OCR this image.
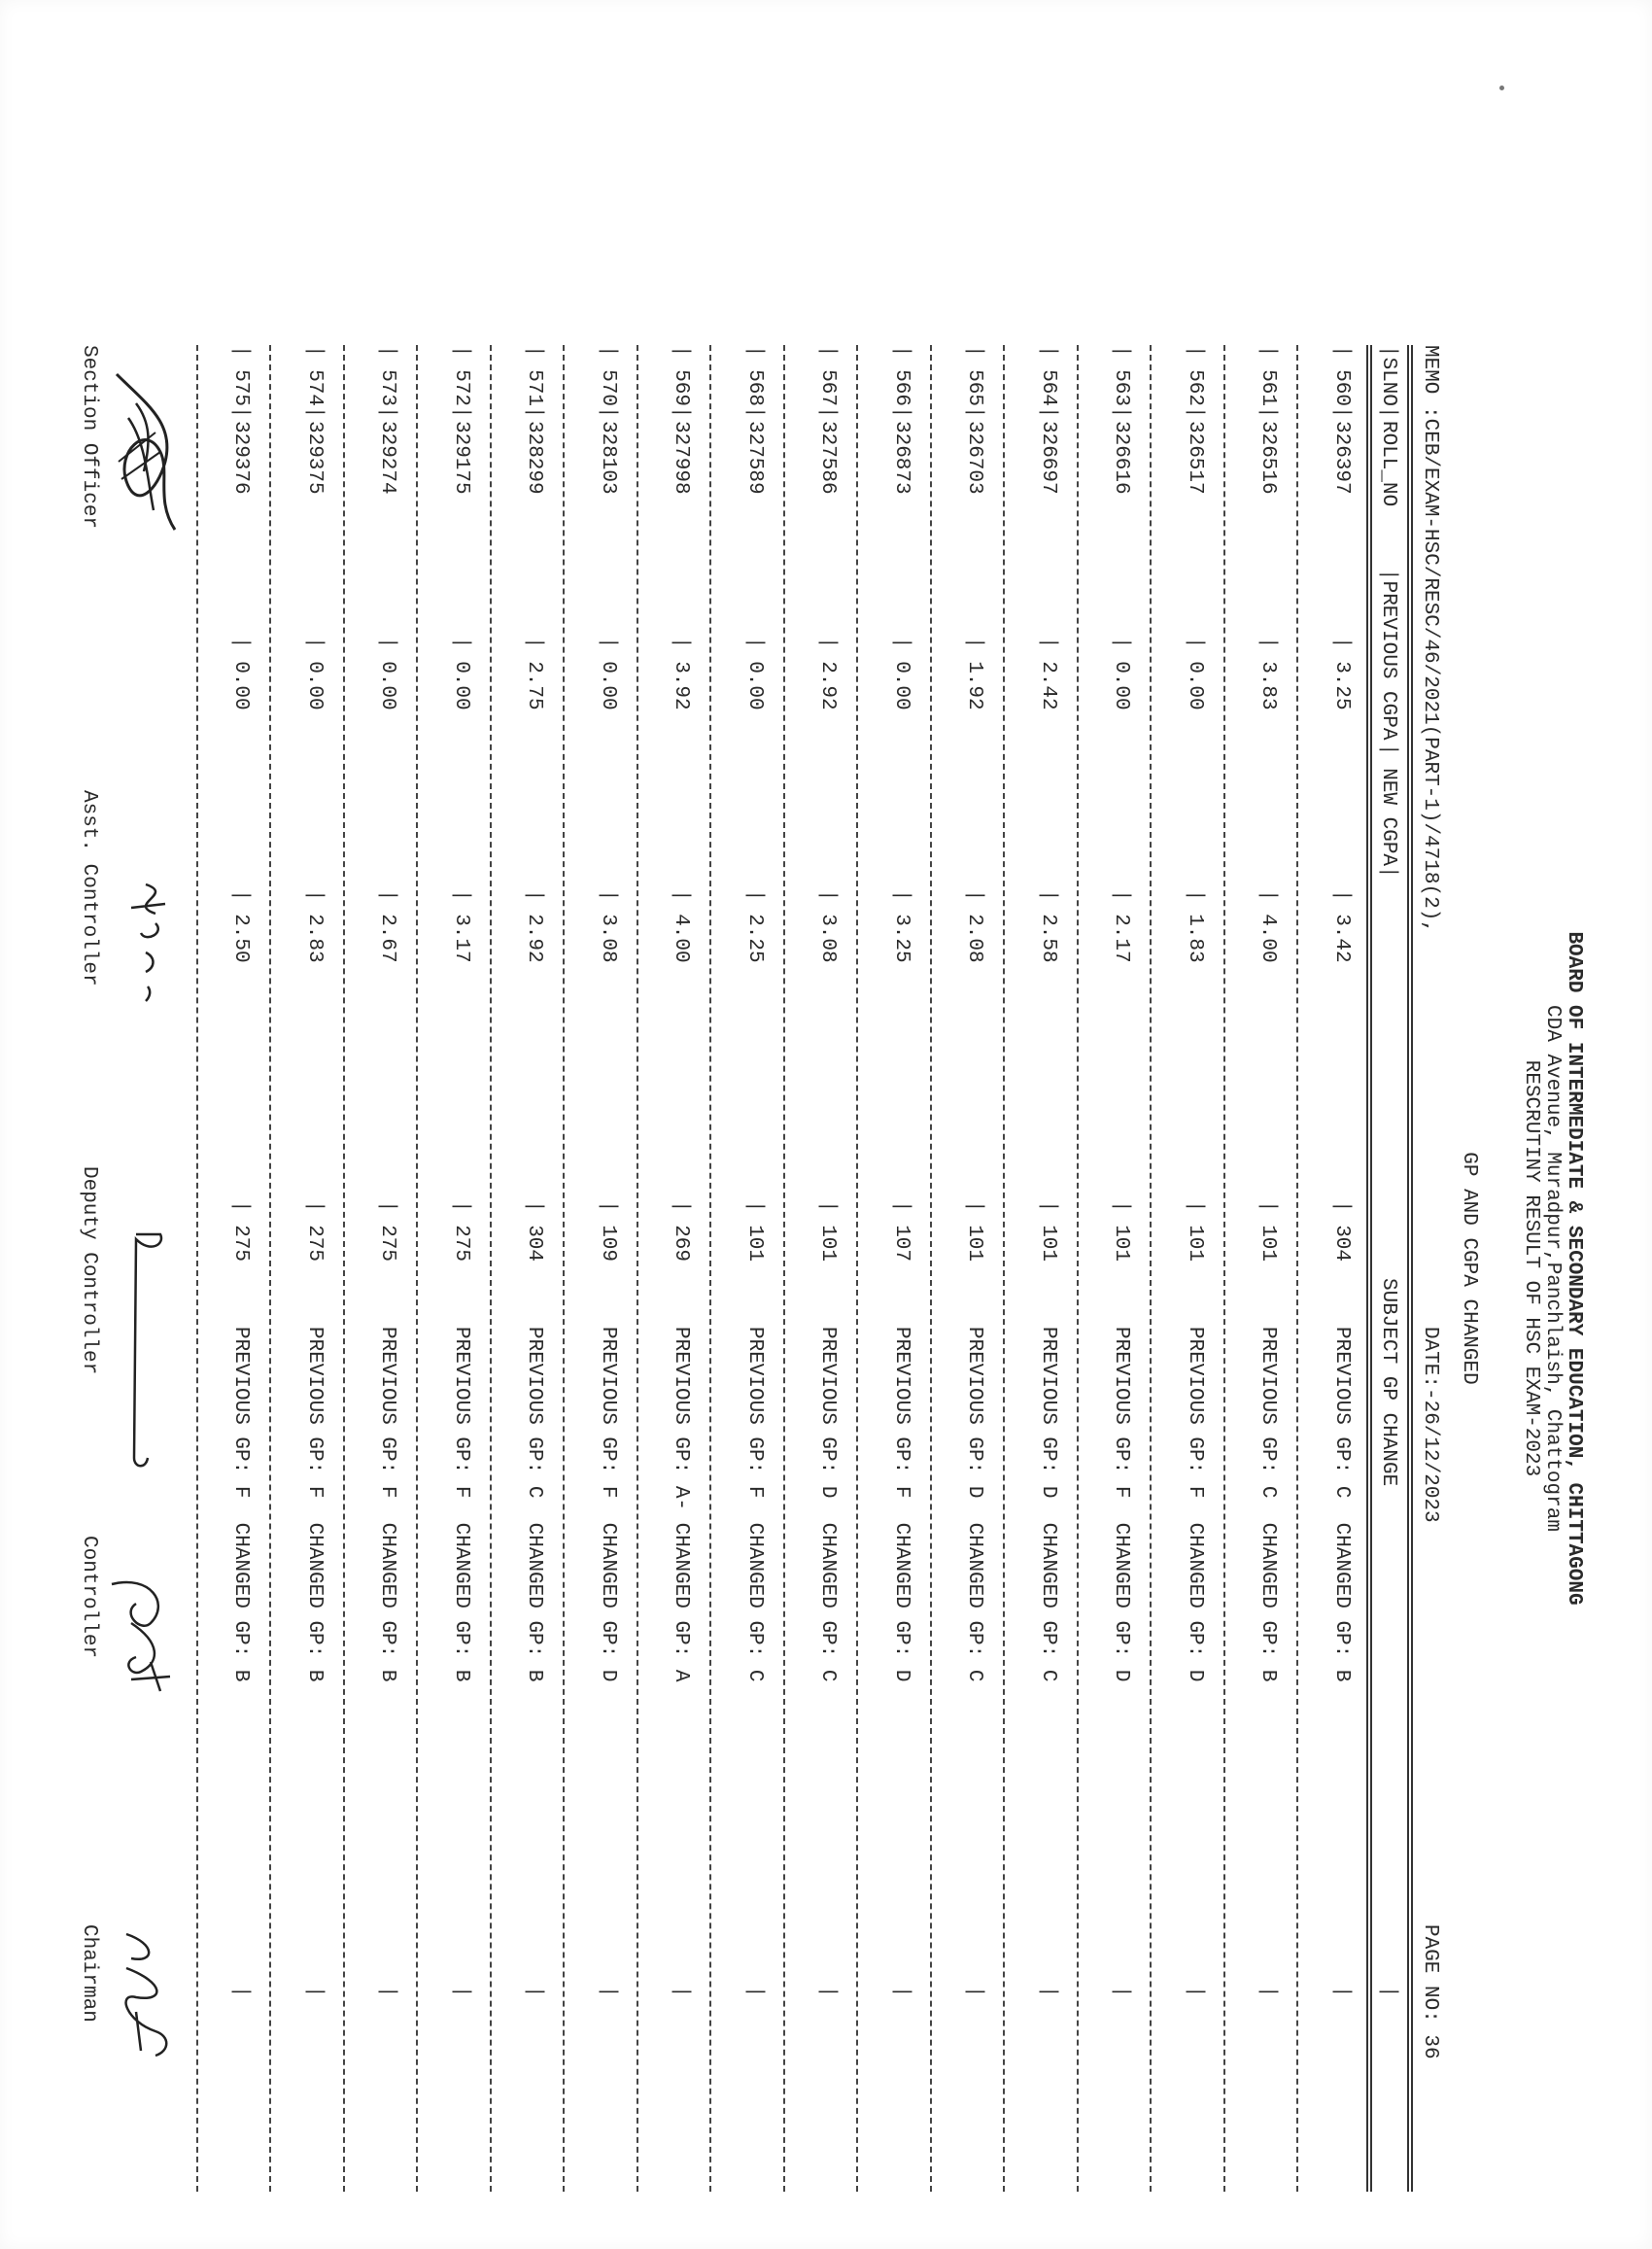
BOARD OF INTERMEDIATE & SECONDARY EDUCATION, CHITTAGONG
CDA Avenue, Muradpur,Panchlaish, Chattogram
RESCRUTINY RESULT OF HSC EXAM-2023
GP AND CGPA CHANGED

MEMO :CEB/EXAM-HSC/RESC/46/2021(PART-1)/4718(2),

DATE:-26/12/2023

PAGE NO: 36

|SLNO|
ROLL_NO
|PREVIOUS CGPA
| NEW CGPA|
SUBJECT GP CHANGE
|
| 560|
326397
| 3.25
| 3.42
| 304
PREVIOUS GP: C  CHANGED GP: B
|
| 561|
326516
| 3.83
| 4.00
| 101
PREVIOUS GP: C  CHANGED GP: B
|
| 562|
326517
| 0.00
| 1.83
| 101
PREVIOUS GP: F  CHANGED GP: D
|
| 563|
326616
| 0.00
| 2.17
| 101
PREVIOUS GP: F  CHANGED GP: D
|
| 564|
326697
| 2.42
| 2.58
| 101
PREVIOUS GP: D  CHANGED GP: C
|
| 565|
326703
| 1.92
| 2.08
| 101
PREVIOUS GP: D  CHANGED GP: C
|
| 566|
326873
| 0.00
| 3.25
| 107
PREVIOUS GP: F  CHANGED GP: D
|
| 567|
327586
| 2.92
| 3.08
| 101
PREVIOUS GP: D  CHANGED GP: C
|
| 568|
327589
| 0.00
| 2.25
| 101
PREVIOUS GP: F  CHANGED GP: C
|
| 569|
327998
| 3.92
| 4.00
| 269
PREVIOUS GP: A- CHANGED GP: A
|
| 570|
328103
| 0.00
| 3.08
| 109
PREVIOUS GP: F  CHANGED GP: D
|
| 571|
328299
| 2.75
| 2.92
| 304
PREVIOUS GP: C  CHANGED GP: B
|
| 572|
329175
| 0.00
| 3.17
| 275
PREVIOUS GP: F  CHANGED GP: B
|
| 573|
329274
| 0.00
| 2.67
| 275
PREVIOUS GP: F  CHANGED GP: B
|
| 574|
329375
| 0.00
| 2.83
| 275
PREVIOUS GP: F  CHANGED GP: B
|
| 575|
329376
| 0.00
| 2.50
| 275
PREVIOUS GP: F  CHANGED GP: B
|
Section Officer
Asst. Controller
Deputy Controller
Controller
Chairman
